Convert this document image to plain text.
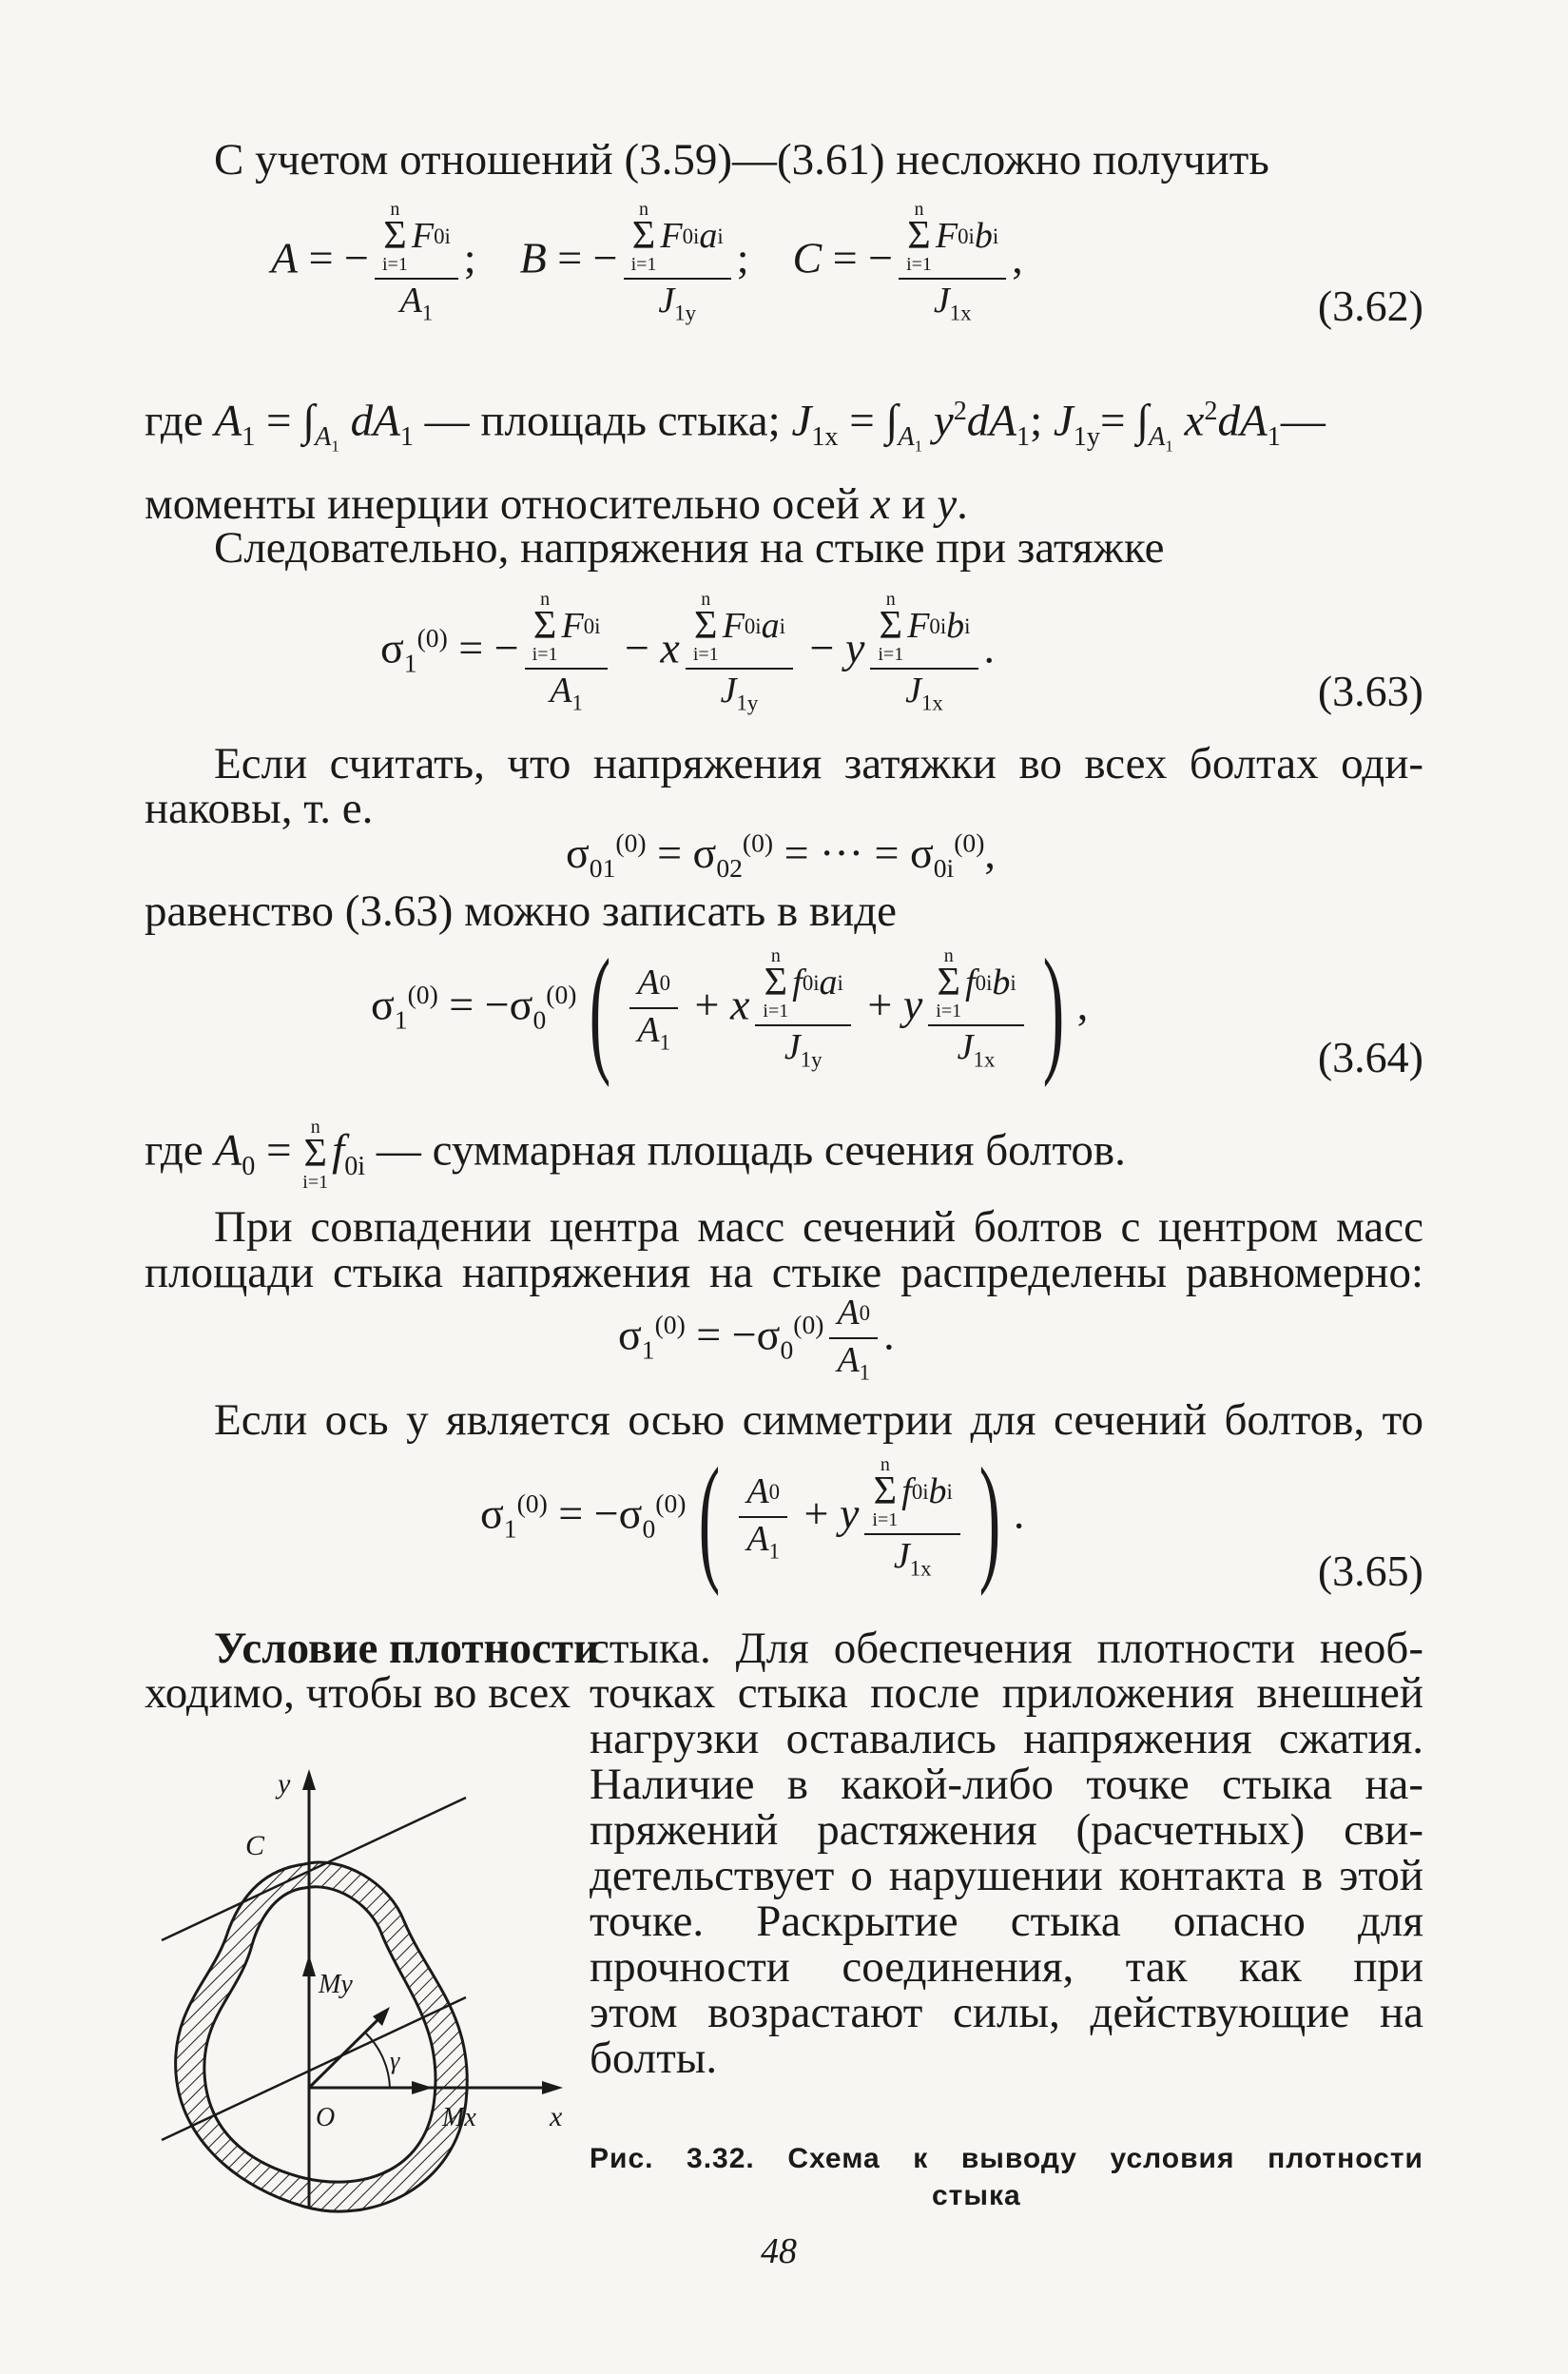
С учетом отношений (3.59)—(3.61) несложно получить
A = − n
Σ
i=1
F 0i
$A_1$ ;    B = − n
Σ
i=1
F 0i a i
$J_{1y}$ ;    C = − n
Σ
i=1
F 0i b i
$J_{1x}$ ,
(3.62)
где $A_1 = \int_{A_1}$ $dA_1$ — площадь стыка; $J_{1x} = \int_{A_1}$ $y^2dA_1$; $J_{1y}= \int_{A_1}$ $x^2dA_1—$
моменты инерции относительно осей x и y.
Следовательно, напряжения на стыке при затяжке
$\sigma_1^{(0)}$ = − n
Σ
i=1
F 0i
$A_1 - x$ n
Σ
i=1
F 0i a i
$J_{1y} - y$ n
Σ
i=1
F 0i b i
$J_{1x}$ .
(3.63)
Если считать, что напряжения затяжки во всех болтах оди-
наковы, т. е.
$\sigma_{01}^{(0)} = \sigma_{02}^{(0)}$ = ··· = $\sigma_{0i}^{(0)}$,
равенство (3.63) можно записать в виде
$\sigma_1^{(0)} = -\sigma_0^{(0)}( \frac{A 0}{A_1} + x$ n
Σ
i=1
f 0i a i
$J_{1y} + y$ n
Σ
i=1
f 0i b i
$J_{1x}$ ) ,
(3.64)
где $A_0 = n$
Σ
i=1
$f_{0i}$ — суммарная площадь сечения болтов.
При совпадении центра масс сечений болтов с центром масс
площади стыка напряжения на стыке распределены равномерно:
$\sigma_1^{(0)} = -\sigma_0^{(0)} \frac{A 0}{A_1}$ .
Если ось y является осью симметрии для сечений болтов, то
$\sigma_1^{(0)} = -\sigma_0^{(0)}( \frac{A 0}{A_1} + y$ n
Σ
i=1
f 0i b i
$J_{1x}$ ) .
(3.65)
Условие плотности
ходимо, чтобы во всех
стыка. Для обеспечения плотности необ-
точках стыка после приложения внешней
нагрузки оставались напряжения сжатия.
Наличие в какой-либо точке стыка на-
пряжений растяжения (расчетных) сви-
детельствует о нарушении контакта в этой
точке. Раскрытие стыка опасно для
прочности соединения, так как при
этом возрастают силы, действующие на
болты.
y
C
My
γ
O	Mx	x
Рис. 3.32. Схема к выводу условия плотности
стыка
48
